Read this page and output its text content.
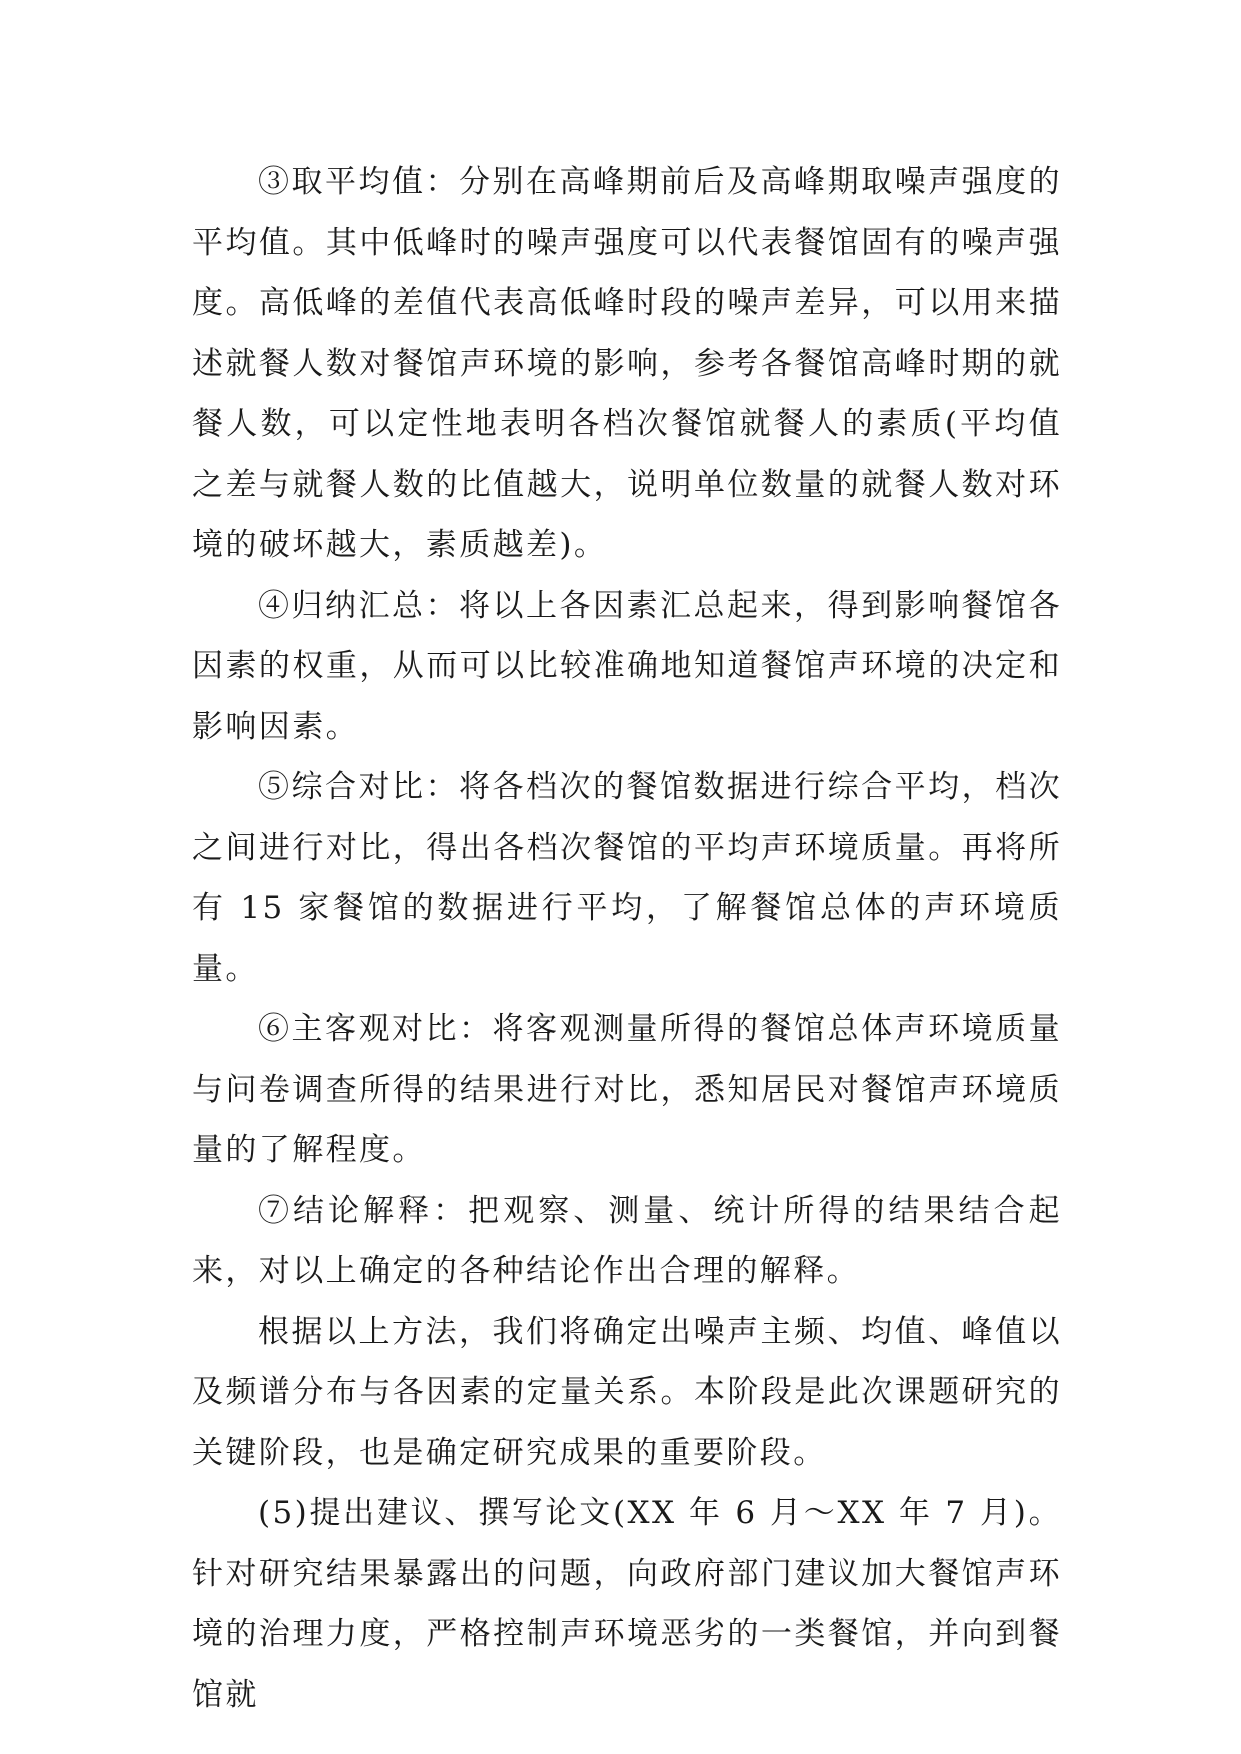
③取平均值：分别在高峰期前后及高峰期取噪声强度的平均值。其中低峰时的噪声强度可以代表餐馆固有的噪声强度。高低峰的差值代表高低峰时段的噪声差异，可以用来描述就餐人数对餐馆声环境的影响，参考各餐馆高峰时期的就餐人数，可以定性地表明各档次餐馆就餐人的素质(平均值之差与就餐人数的比值越大，说明单位数量的就餐人数对环境的破坏越大，素质越差)。

④归纳汇总：将以上各因素汇总起来，得到影响餐馆各因素的权重，从而可以比较准确地知道餐馆声环境的决定和影响因素。

⑤综合对比：将各档次的餐馆数据进行综合平均，档次之间进行对比，得出各档次餐馆的平均声环境质量。再将所有 15 家餐馆的数据进行平均，了解餐馆总体的声环境质量。

⑥主客观对比：将客观测量所得的餐馆总体声环境质量与问卷调查所得的结果进行对比，悉知居民对餐馆声环境质量的了解程度。

⑦结论解释：把观察、测量、统计所得的结果结合起来，对以上确定的各种结论作出合理的解释。

根据以上方法，我们将确定出噪声主频、均值、峰值以及频谱分布与各因素的定量关系。本阶段是此次课题研究的关键阶段，也是确定研究成果的重要阶段。

(5)提出建议、撰写论文(XX 年 6 月～XX 年 7 月)。针对研究结果暴露出的问题，向政府部门建议加大餐馆声环境的治理力度，严格控制声环境恶劣的一类餐馆，并向到餐馆就
